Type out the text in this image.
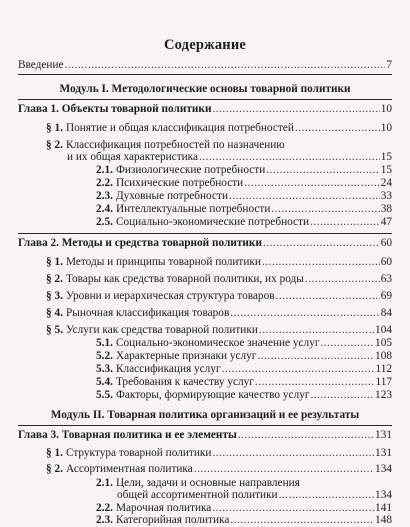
Содержание
Введение .....	7
Модуль I. Методологические основы товарной политики
Глава 1. Объекты товарной политики .....	10
§ 1. Понятие и общая классификация потребностей .....	10
§ 2. Классификация потребностей по назначению
и их общая характеристика .....	15
2.1. Физиологические потребности .....	15
2.2. Психические потребности .....	24
2.3. Духовные потребности .....	33
2.4. Интеллектуальные потребности .....	38
2.5. Социально-экономические потребности .....	47
Глава 2. Методы и средства товарной политики .....	60
§ 1. Методы и принципы товарной политики .....	60
§ 2. Товары как средства товарной политики, их роды .....	63
§ 3. Уровни и иерархическая структура товаров .....	69
§ 4. Рыночная классификация товаров .....	84
§ 5. Услуги как средства товарной политики .....	104
5.1. Социально-экономическое значение услуг .....	105
5.2. Характерные признаки услуг .....	108
5.3. Классификация услуг .....	112
5.4. Требования к качеству услуг .....	117
5.5. Факторы, формирующие качество услуг .....	123
Модуль II. Товарная политика организаций и ее результаты
Глава 3. Товарная политика и ее элементы .....	131
§ 1. Структура товарной политики .....	131
§ 2. Ассортиментная политика .....	134
2.1. Цели, задачи и основные направления
общей ассортиментной политики .....	134
2.2. Марочная политика .....	141
2.3. Категорийная политика .....	148
